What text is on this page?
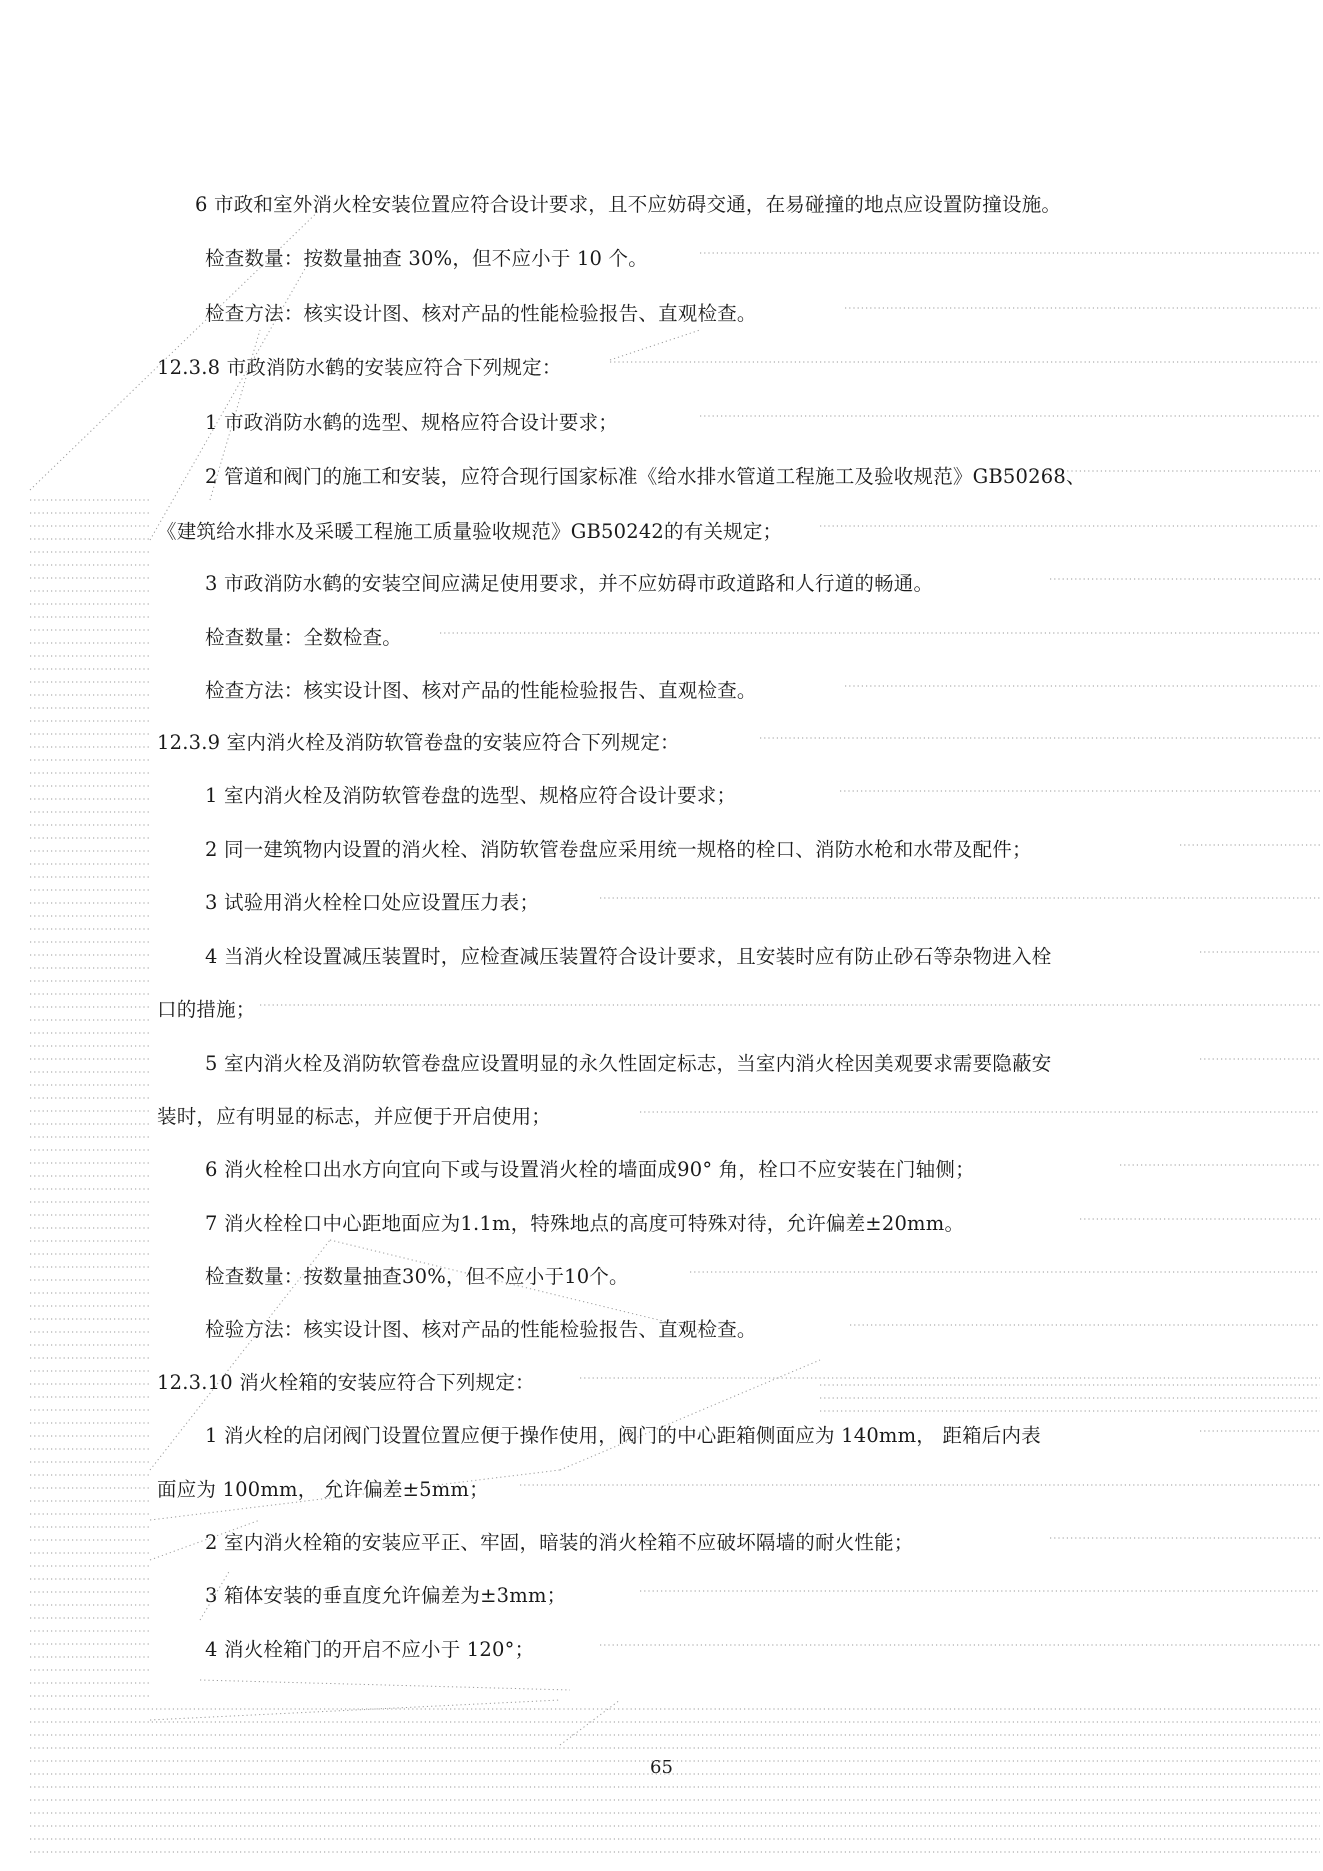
6 市政和室外消火栓安装位置应符合设计要求，且不应妨碍交通，在易碰撞的地点应设置防撞设施。
检查数量：按数量抽查 30%，但不应小于 10 个。
检查方法：核实设计图、核对产品的性能检验报告、直观检查。
12.3.8 市政消防水鹤的安装应符合下列规定：
1 市政消防水鹤的选型、规格应符合设计要求；
2 管道和阀门的施工和安装，应符合现行国家标准《给水排水管道工程施工及验收规范》GB50268、
《建筑给水排水及采暖工程施工质量验收规范》GB50242的有关规定；
3 市政消防水鹤的安装空间应满足使用要求，并不应妨碍市政道路和人行道的畅通。
检查数量：全数检查。
检查方法：核实设计图、核对产品的性能检验报告、直观检查。
12.3.9 室内消火栓及消防软管卷盘的安装应符合下列规定：
1 室内消火栓及消防软管卷盘的选型、规格应符合设计要求；
2 同一建筑物内设置的消火栓、消防软管卷盘应采用统一规格的栓口、消防水枪和水带及配件；
3 试验用消火栓栓口处应设置压力表；
4 当消火栓设置减压装置时，应检查减压装置符合设计要求，且安装时应有防止砂石等杂物进入栓
口的措施；
5 室内消火栓及消防软管卷盘应设置明显的永久性固定标志，当室内消火栓因美观要求需要隐蔽安
装时，应有明显的标志，并应便于开启使用；
6 消火栓栓口出水方向宜向下或与设置消火栓的墙面成90° 角，栓口不应安装在门轴侧；
7 消火栓栓口中心距地面应为1.1m，特殊地点的高度可特殊对待，允许偏差±20mm。
检查数量：按数量抽查30%，但不应小于10个。
检验方法：核实设计图、核对产品的性能检验报告、直观检查。
12.3.10 消火栓箱的安装应符合下列规定：
1 消火栓的启闭阀门设置位置应便于操作使用，阀门的中心距箱侧面应为 140mm， 距箱后内表
面应为 100mm， 允许偏差±5mm；
2 室内消火栓箱的安装应平正、牢固，暗装的消火栓箱不应破坏隔墙的耐火性能；
3 箱体安装的垂直度允许偏差为±3mm；
4 消火栓箱门的开启不应小于 120°；
65
